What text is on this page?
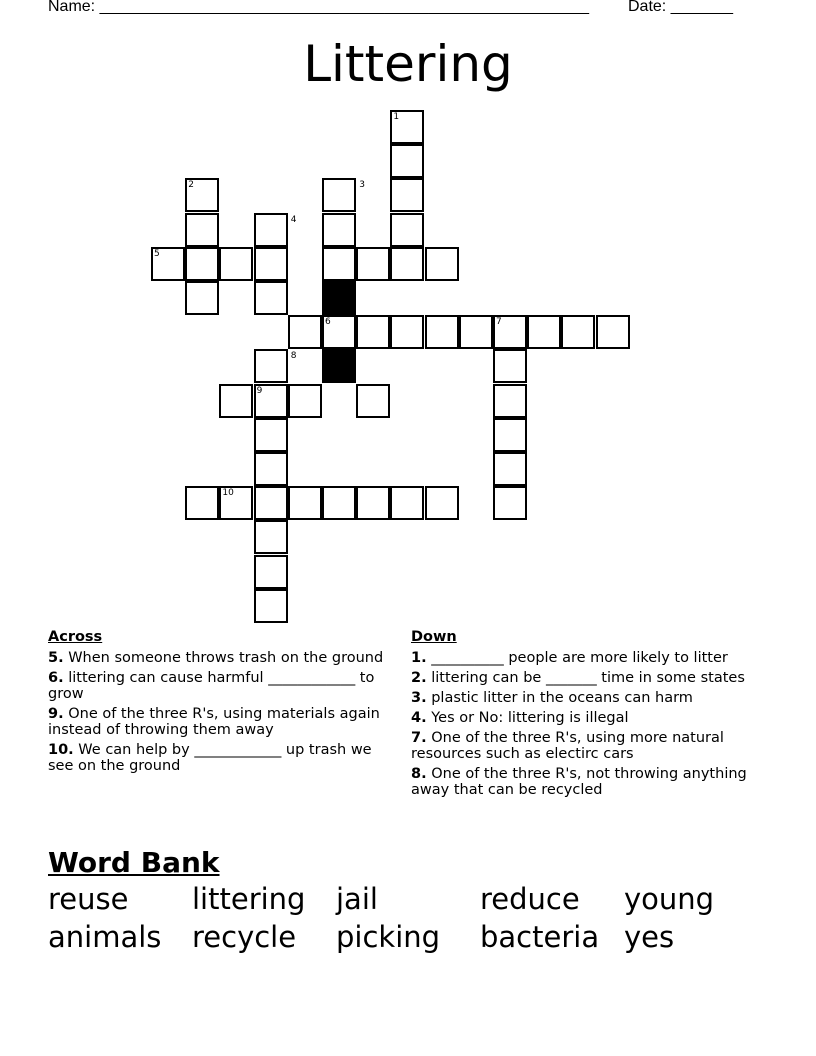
Name: _______________________________________________________ Date: _______
Littering
1
2	3
4
5
6	7
8
9
10
Across
5. When someone throws trash on the ground
6. littering can cause harmful ____________ to grow
9. One of the three R's, using materials again instead of throwing them away
10. We can help by ____________ up trash we see on the ground
Down
1. __________ people are more likely to litter
2. littering can be _______ time in some states
3. plastic litter in the oceans can harm
4. Yes or No: littering is illegal
7. One of the three R's, using more natural resources such as electirc cars
8. One of the three R's, not throwing anything away that can be recycled
Word Bank
reuse	littering	jail	reduce	young
animals	recycle	picking	bacteria yes
